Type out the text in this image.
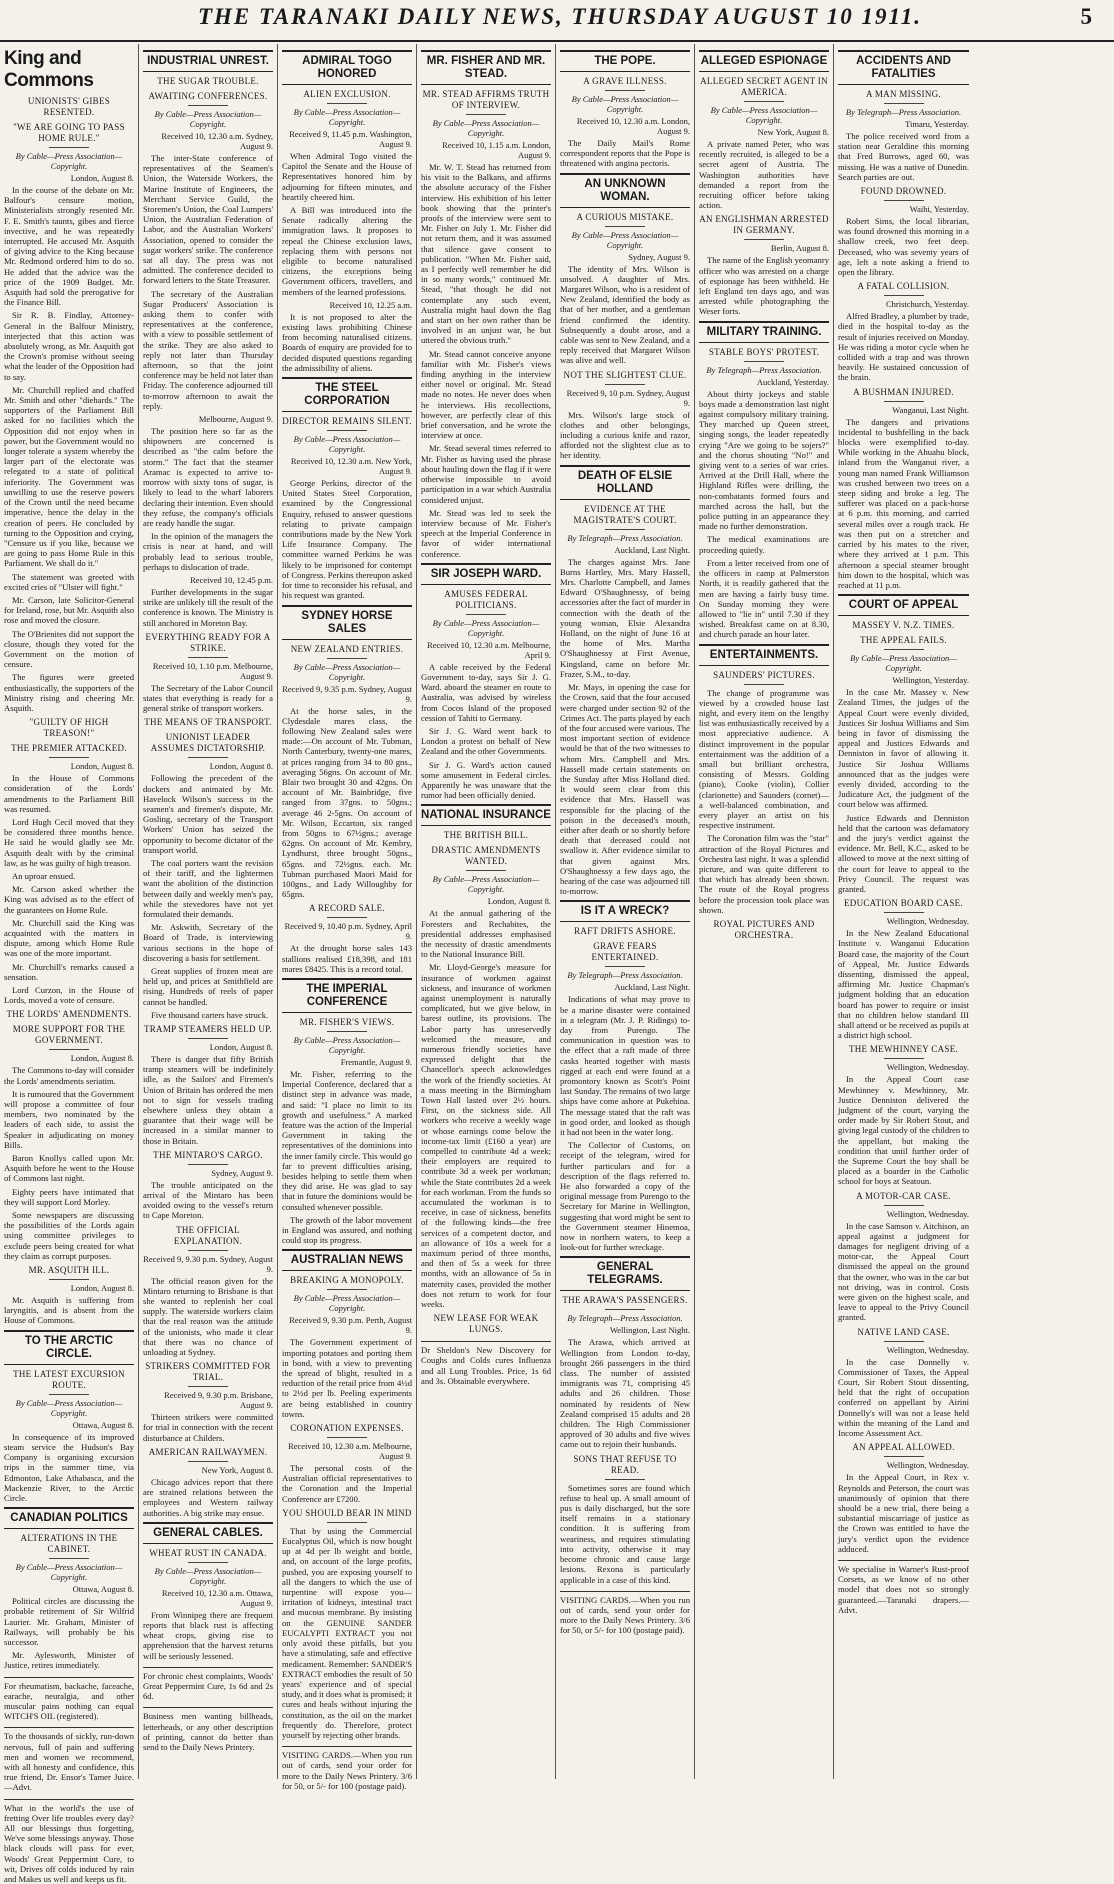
THE TARANAKI DAILY NEWS, THURSDAY AUGUST 10 1911.	5
King and Commons
UNIONISTS' GIBES RESENTED.
"WE ARE GOING TO PASS HOME RULE."
By Cable—Press Association—Copyright.
London, August 8.

In the course of the debate on Mr. Balfour's censure motion, Ministerialists strongly resented Mr. F. E. Smith's taunts, gibes and fierce invective, and he was repeatedly interrupted. He accused Mr. Asquith of giving advice to the King because Mr. Redmond ordered him to do so. He added that the advice was the price of the 1909 Budget. Mr. Asquith had sold the prerogative for the Finance Bill.

Sir R. B. Findlay, Attorney-General in the Balfour Ministry, interjected that this action was absolutely wrong, as Mr. Asquith got the Crown's promise without seeing what the leader of the Opposition had to say.

Mr. Churchill replied and chaffed Mr. Smith and other "diehards." The supporters of the Parliament Bill asked for no facilities which the Opposition did not enjoy when in power, but the Government would no longer tolerate a system whereby the larger part of the electorate was relegated to a state of political inferiority. The Government was unwilling to use the reserve powers of the Crown until the need became imperative, hence the delay in the creation of peers. He concluded by turning to the Opposition and crying, "Censure us if you like, because we are going to pass Home Rule in this Parliament. We shall do it."

The statement was greeted with excited cries of "Ulster will fight."

Mr. Carson, late Solicitor-General for Ireland, rose, but Mr. Asquith also rose and moved the closure.

The O'Brienites did not support the closure, though they voted for the Government on the motion of censure.

The figures were greeted enthusiastically, the supporters of the Ministry rising and cheering Mr. Asquith.

"GUILTY OF HIGH TREASON!"
THE PREMIER ATTACKED.
London, August 8.

In the House of Commons consideration of the Lords' amendments to the Parliament Bill was resumed.

Lord Hugh Cecil moved that they be considered three months hence. He said he would gladly see Mr. Asquith dealt with by the criminal law, as he was guilty of high treason.

An uproar ensued.

Mr. Carson asked whether the King was advised as to the effect of the guarantees on Home Rule.

Mr. Churchill said the King was acquainted with the matters in dispute, among which Home Rule was one of the more important.

Mr. Churchill's remarks caused a sensation.

Lord Curzon, in the House of Lords, moved a vote of censure.

THE LORDS' AMENDMENTS.
MORE SUPPORT FOR THE GOVERNMENT.
London, August 8.

The Commons to-day will consider the Lords' amendments seriatim.

It is rumoured that the Government will propose a committee of four members, two nominated by the leaders of each side, to assist the Speaker in adjudicating on money Bills.

Baron Knollys called upon Mr. Asquith before he went to the House of Commons last night.

Eighty peers have intimated that they will support Lord Morley.

Some newspapers are discussing the possibilities of the Lords again using committee privileges to exclude peers being created for what they claim as corrupt purposes.

MR. ASQUITH ILL.
London, August 8.

Mr. Asquith is suffering from laryngitis, and is absent from the House of Commons.

TO THE ARCTIC CIRCLE.
THE LATEST EXCURSION ROUTE.
By Cable—Press Association—Copyright.
Ottawa, August 8.

In consequence of its improved steam service the Hudson's Bay Company is organising excursion trips in the summer time, via Edmonton, Lake Athabasca, and the Mackenzie River, to the Arctic Circle.

CANADIAN POLITICS
ALTERATIONS IN THE CABINET.
By Cable—Press Association—Copyright.
Ottawa, August 8.

Political circles are discussing the probable retirement of Sir Wilfrid Laurier. Mr. Graham, Minister of Railways, will probably be his successor.

Mr. Aylesworth, Minister of Justice, retires immediately.

For rheumatism, backache, faceache, earache, neuralgia, and other muscular pains nothing can equal WITCH'S OIL (registered).

To the thousands of sickly, run-down nervous, full of pain and suffering men and women we recommend, with all honesty and confidence, this true friend, Dr. Ensor's Tamer Juice.—Advt.

What in the world's the use of fretting Over life troubles every day? All our blessings thus forgetting, We've some blessings anyway. Those black clouds will pass for ever, Woods' Great Peppermint Cure, to wit, Drives off colds induced by rain and Makes us well and keeps us fit.

INDUSTRIAL UNREST.
THE SUGAR TROUBLE.
AWAITING CONFERENCES.
By Cable—Press Association—Copyright.
Received 10, 12.30 a.m. Sydney, August 9.

The inter-State conference of representatives of the Seamen's Union, the Waterside Workers, the Marine Institute of Engineers, the Merchant Service Guild, the Storemen's Union, the Coal Lumpers' Union, the Australian Federation of Labor, and the Australian Workers' Association, opened to consider the sugar workers' strike. The conference sat all day. The press was not admitted. The conference decided to forward letters to the State Treasurer.

The secretary of the Australian Sugar Producers' Association is asking them to confer with representatives at the conference, with a view to possible settlement of the strike. They are also asked to reply not later than Thursday afternoon, so that the joint conference may be held not later than Friday. The conference adjourned till to-morrow afternoon to await the reply.

Melbourne, August 9.

The position here so far as the shipowners are concerned is described as "the calm before the storm." The fact that the steamer Aramac is expected to arrive to-morrow with sixty tons of sugar, is likely to lead to the wharf laborers declaring their intention. Even should they refuse, the company's officials are ready handle the sugar.

In the opinion of the managers the crisis is near at hand, and will probably lead to serious trouble, perhaps to dislocation of trade.

Received 10, 12.45 p.m.

Further developments in the sugar strike are unlikely till the result of the conference is known. The Ministry is still anchored in Moreton Bay.

EVERYTHING READY FOR A STRIKE.
Received 10, 1.10 p.m. Melbourne, August 9.

The Secretary of the Labor Council states that everything is ready for a general strike of transport workers.

THE MEANS OF TRANSPORT.
UNIONIST LEADER ASSUMES DICTATORSHIP.
London, August 8.

Following the precedent of the dockers and animated by Mr. Havelock Wilson's success in the seamen's and firemen's dispute, Mr. Gosling, secretary of the Transport Workers' Union has seized the opportunity to become dictator of the transport world.

The coal porters want the revision of their tariff, and the lightermen want the abolition of the distinction between daily and weekly men's pay, while the stevedores have not yet formulated their demands.

Mr. Askwith, Secretary of the Board of Trade, is interviewing various sections in the hope of discovering a basis for settlement.

Great supplies of frozen meat are held up, and prices at Smithfield are rising. Hundreds of reels of paper cannot be handled.

Five thousand carters have struck.

TRAMP STEAMERS HELD UP.
London, August 8.

There is danger that fifty British tramp steamers will be indefinitely idle, as the Sailors' and Firemen's Union of Britain has ordered the men not to sign for vessels trading elsewhere unless they obtain a guarantee that their wage will be increased in a similar manner to those in Britain.

THE MINTARO'S CARGO.
Sydney, August 9.

The trouble anticipated on the arrival of the Mintaro has been avoided owing to the vessel's return to Cape Moreton.

THE OFFICIAL EXPLANATION.
Received 9, 9.30 p.m. Sydney, August 9.

The official reason given for the Mintaro returning to Brisbane is that she wanted to replenish her coal supply. The waterside workers claim that the real reason was the attitude of the unionists, who made it clear that there was no chance of unloading at Sydney.

STRIKERS COMMITTED FOR TRIAL.
Received 9, 9.30 p.m. Brisbane, August 9.

Thirteen strikers were committed for trial in connection with the recent disturbance at Childers.

AMERICAN RAILWAYMEN.
New York, August 8.

Chicago advices report that there are strained relations between the employees and Western railway authorities. A big strike may ensue.

GENERAL CABLES.
WHEAT RUST IN CANADA.
By Cable—Press Association—Copyright.
Received 10, 12.30 a.m. Ottawa, August 9.

From Winnipeg there are frequent reports that black rust is affecting wheat crops, giving rise to apprehension that the harvest returns will be seriously lessened.

For chronic chest complaints, Woods' Great Peppermint Cure, 1s 6d and 2s 6d.

Business men wanting billheads, letterheads, or any other description of printing, cannot do better than send to the Daily News Printery.

ADMIRAL TOGO HONORED
ALIEN EXCLUSION.
By Cable—Press Association—Copyright.
Received 9, 11.45 p.m. Washington, August 9.

When Admiral Togo visited the Capitol the Senate and the House of Representatives honored him by adjourning for fifteen minutes, and heartily cheered him.

A Bill was introduced into the Senate radically altering the immigration laws. It proposes to repeal the Chinese exclusion laws, replacing them with persons not eligible to become naturalised citizens, the exceptions being Government officers, travellers, and members of the learned professions.

Received 10, 12.25 a.m.

It is not proposed to alter the existing laws prohibiting Chinese from becoming naturalised citizens. Boards of enquiry are provided for to decided disputed questions regarding the admissibility of aliens.

THE STEEL CORPORATION
DIRECTOR REMAINS SILENT.
By Cable—Press Association—Copyright.
Received 10, 12.30 a.m. New York, August 9.

George Perkins, director of the United States Steel Corporation, examined by the Congressional Enquiry, refused to answer questions relating to private campaign contributions made by the New York Life Insurance Company. The committee warned Perkins he was likely to be imprisoned for contempt of Congress. Perkins thereupon asked for time to reconsider his refusal, and his request was granted.

SYDNEY HORSE SALES
NEW ZEALAND ENTRIES.
By Cable—Press Association—Copyright.
Received 9, 9.35 p.m. Sydney, August 9.

At the horse sales, in the Clydesdale mares class, the following New Zealand sales were made:—On account of Mr. Tubman, North Canterbury, twenty-one mares, at prices ranging from 34 to 80 gns., averaging 56gns. On account of Mr. Blair two brought 30 and 42gns. On account of Mr. Bainbridge, five ranged from 37gns. to 50gns.; average 46 2-5gns. On account of Mr. Wilson, Eccarton, six ranged from 50gns to 67½gns.; average 62gns. On account of Mr. Kembry, Lyndhurst, three brought 50gns., 65gns. and 72½gns. each. Mr. Tubman purchased Maori Maid for 100gns., and Lady Willoughby for 65gns.

A RECORD SALE.
Received 9, 10.40 p.m. Sydney, April 9.

At the drought horse sales 143 stallions realised £18,398, and 181 mares £8425. This is a record total.

THE IMPERIAL CONFERENCE
MR. FISHER'S VIEWS.
By Cable—Press Association—Copyright.
Fremantle, August 9.

Mr. Fisher, referring to the Imperial Conference, declared that a distinct step in advance was made, and said: "I place no limit to its growth and usefulness." A marked feature was the action of the Imperial Government in taking the representatives of the dominions into the inner family circle. This would go far to prevent difficulties arising, besides helping to settle them when they did arise. He was glad to say that in future the dominions would be consulted whenever possible.

The growth of the labor movement in England was assured, and nothing could stop its progress.

AUSTRALIAN NEWS
BREAKING A MONOPOLY.
By Cable—Press Association—Copyright.
Received 9, 9.30 p.m. Perth, August 9.

The Government experiment of importing potatoes and porting them in bond, with a view to preventing the spread of blight, resulted in a reduction of the retail price from 4½d to 2½d per lb. Peeling experiments are being established in country towns.

CORONATION EXPENSES.
Received 10, 12.30 a.m. Melbourne, August 9.

The personal costs of the Australian official representatives to the Coronation and the Imperial Conference are £7200.

YOU SHOULD BEAR IN MIND

That by using the Commercial Eucalyptus Oil, which is now bought up at 4d per lb weight and bottle, and, on account of the large profits, pushed, you are exposing yourself to all the dangers to which the use of turpentine will expose you—irritation of kidneys, intestinal tract and mucous membrane. By insisting on the GENUINE SANDER EUCALYPTI EXTRACT you not only avoid these pitfalls, but you have a stimulating, safe and effective medicament. Remember: SANDER'S EXTRACT embodies the result of 50 years' experience and of special study, and it does what is promised; it cures and heals without injuring the constitution, as the oil on the market frequently do. Therefore, protect yourself by rejecting other brands.

VISITING CARDS.—When you run out of cards, send your order for more to the Daily News Printery. 3/6 for 50, or 5/- for 100 (postage paid).

MR. FISHER AND MR. STEAD.
MR. STEAD AFFIRMS TRUTH OF INTERVIEW.
By Cable—Press Association—Copyright.
Received 10, 1.15 a.m. London, August 9.

Mr. W. T. Stead has returned from his visit to the Balkans, and affirms the absolute accuracy of the Fisher interview. His exhibition of his letter book showing that the printer's proofs of the interview were sent to Mr. Fisher on July 1. Mr. Fisher did not return them, and it was assumed that silence gave consent to publication. "When Mr. Fisher said, as I perfectly well remember he did in so many words," continued Mr. Stead, "that though he did not contemplate any such event, Australia might haul down the flag and start on her own rather than be involved in an unjust war, he but uttered the obvious truth."

Mr. Stead cannot conceive anyone familiar with Mr. Fisher's views finding anything in the interview either novel or original. Mr. Stead made no notes. He never does when he interviews. His recollections, however, are perfectly clear of this brief conversation, and he wrote the interview at once.

Mr. Stead several times referred to Mr. Fisher as having used the phrase about hauling down the flag if it were otherwise impossible to avoid participation in a war which Australia considered unjust.

Mr. Stead was led to seek the interview because of Mr. Fisher's speech at the Imperial Conference in favor of wider international conference.

SIR JOSEPH WARD.
AMUSES FEDERAL POLITICIANS.
By Cable—Press Association—Copyright.
Received 10, 12.30 a.m. Melbourne, April 9.

A cable received by the Federal Government to-day, says Sir J. G. Ward. aboard the steamer en route to Australia, was advised by wireless from Cocos Island of the proposed cession of Tahiti to Germany.

Sir J. G. Ward went back to London a protest on behalf of New Zealand and the other Governments.

Sir J. G. Ward's action caused some amusement in Federal circles. Apparently he was unaware that the rumor had been officially denied.

NATIONAL INSURANCE
THE BRITISH BILL.
DRASTIC AMENDMENTS WANTED.
By Cable—Press Association—Copyright.
London, August 8.

At the annual gathering of the Foresters and Rechabites, the presidential addresses emphasised the necessity of drastic amendments to the National Insurance Bill.

Mr. Lloyd-George's measure for insurance of workmen against sickness, and insurance of workmen against unemployment is naturally complicated, but we give below, in barest outline, its provisions. The Labor party has unreservedly welcomed the measure, and numerous friendly societies have expressed delight that the Chancellor's speech acknowledges the work of the friendly societies. At a mass meeting in the Birmingham Town Hall lasted over 2½ hours. First, on the sickness side. All workers who receive a weekly wage or whose earnings come below the income-tax limit (£160 a year) are compelled to contribute 4d a week; their employers are required to contribute 3d a week per workman; while the State contributes 2d a week for each workman. From the funds so accumulated the workman is to receive, in case of sickness, benefits of the following kinds—the free services of a competent doctor, and an allowance of 10s a week for a maximum period of three months, and then of 5s a week for three months, with an allowance of 5s in maternity cases, provided the mother does not return to work for four weeks.

NEW LEASE FOR WEAK LUNGS.

Dr Sheldon's New Discovery for Coughs and Colds cures Influenza and all Lung Troubles. Price, 1s 6d and 3s. Obtainable everywhere.

THE POPE.
A GRAVE ILLNESS.
By Cable—Press Association—Copyright.
Received 10, 12.30 a.m. London, August 9.

The Daily Mail's Rome correspondent reports that the Pope is threatened with angina pectoris.

AN UNKNOWN WOMAN.
A CURIOUS MISTAKE.
By Cable—Press Association—Copyright.
Sydney, August 9.

The identity of Mrs. Wilson is unsolved. A daughter of Mrs. Margaret Wilson, who is a resident of New Zealand, identified the body as that of her mother, and a gentleman friend confirmed the identity. Subsequently a doubt arose, and a cable was sent to New Zealand, and a reply received that Margaret Wilson was alive and well.

NOT THE SLIGHTEST CLUE.
Received 9, 10 p.m. Sydney, August 9.

Mrs. Wilson's large stock of clothes and other belongings, including a curious knife and razor, afforded not the slightest clue as to her identity.

DEATH OF ELSIE HOLLAND
EVIDENCE AT THE MAGISTRATE'S COURT.
By Telegraph—Press Association.
Auckland, Last Night.

The charges against Mrs. Jane Burns Hartley, Mrs. Mary Hassell, Mrs. Charlotte Campbell, and James Edward O'Shaughnessy, of being accessories after the fact of murder in connection with the death of the young woman, Elsie Alexandra Holland, on the night of June 16 at the home of Mrs. Martha O'Shaughnessy at First Avenue, Kingsland, came on before Mr. Frazer, S.M., to-day.

Mr. Mays, in opening the case for the Crown, said that the four accused were charged under section 92 of the Crimes Act. The parts played by each of the four accused were various. The most important section of evidence would be that of the two witnesses to whom Mrs. Campbell and Mrs. Hassell made certain statements on the Sunday after Miss Holland died. It would seem clear from this evidence that Mrs. Hassell was responsible for the placing of the poison in the deceased's mouth, either after death or so shortly before death that deceased could not swallow it. After evidence similar to that given against Mrs. O'Shaughnessy a few days ago, the hearing of the case was adjourned till to-morrow.

IS IT A WRECK?
RAFT DRIFTS ASHORE.
GRAVE FEARS ENTERTAINED.
By Telegraph—Press Association.
Auckland, Last Night.

Indications of what may prove to be a marine disaster were contained in a telegram (Mr. J. P. Ridings) to-day from Purengo. The communication in question was to the effect that a raft made of three casks hearted together with masts rigged at each end were found at a promontory known as Scott's Point last Sunday. The remains of two large ships have come ashore at Pukehina. The message stated that the raft was in good order, and looked as though it had not been in the water long.

The Collector of Customs, on receipt of the telegram, wired for further particulars and for a description of the flags referred to. He also forwarded a copy of the original message from Purengo to the Secretary for Marine in Wellington, suggesting that word might be sent to the Government steamer Hinemoa, now in northern waters, to keep a look-out for further wreckage.

GENERAL TELEGRAMS.
THE ARAWA'S PASSENGERS.
By Telegraph—Press Association.
Wellington, Last Night.

The Arawa, which arrived at Wellington from London to-day, brought 266 passengers in the third class. The number of assisted immigrants was 71, comprising 45 adults and 26 children. Those nominated by residents of New Zealand comprised 15 adults and 28 children. The High Commissioner approved of 30 adults and five wives came out to rejoin their husbands.

SONS THAT REFUSE TO READ.

Sometimes sores are found which refuse to heal up. A small amount of pus is daily discharged, but the sore itself remains in a stationary condition. It is suffering from weariness, and requires stimulating into activity, otherwise it may become chronic and cause large lesions. Rexona is particularly applicable in a case of this kind.

VISITING CARDS.—When you run out of cards, send your order for more to the Daily News Printery. 3/6 for 50, or 5/- for 100 (postage paid).

ALLEGED ESPIONAGE
ALLEGED SECRET AGENT IN AMERICA.
By Cable—Press Association—Copyright.
New York, August 8.

A private named Peter, who was recently recruited, is alleged to be a secret agent of Austria. The Washington authorities have demanded a report from the recruiting officer before taking action.

AN ENGLISHMAN ARRESTED IN GERMANY.
Berlin, August 8.

The name of the English yeomanry officer who was arrested on a charge of espionage has been withheld. He left England ten days ago, and was arrested while photographing the Weser forts.

MILITARY TRAINING.
STABLE BOYS' PROTEST.
By Telegraph—Press Association.
Auckland, Yesterday.

About thirty jockeys and stable boys made a demonstration last night against compulsory military training. They marched up Queen street, singing songs, the leader repeatedly crying "Are we going to be sojers?" and the chorus shouting "No!" and giving vent to a series of war cries. Arrived at the Drill Hall, where the Highland Rifles were drilling, the non-combatants formed fours and marched across the hall, but the police putting in an appearance they made no further demonstration.

The medical examinations are proceeding quietly.

From a letter received from one of the officers in camp at Palmerston North, it is readily gathered that the men are having a fairly busy time. On Sunday morning they were allowed to "lie in" until 7.30 if they wished. Breakfast came on at 8.30, and church parade an hour later.

ENTERTAINMENTS.
SAUNDERS' PICTURES.

The change of programme was viewed by a crowded house last night, and every item on the lengthy list was enthusiastically received by a most appreciative audience. A distinct improvement in the popular entertainment was the addition of a small but brilliant orchestra, consisting of Messrs. Golding (piano), Cooke (violin), Collier (clarionette) and Saunders (cornet)—a well-balanced combination, and every player an artist on his respective instrument.

The Coronation film was the "star" attraction of the Royal Pictures and Orchestra last night. It was a splendid picture, and was quite different to that which has already been shown. The route of the Royal progress before the procession took place was shown.

ROYAL PICTURES AND ORCHESTRA.
ACCIDENTS AND FATALITIES
A MAN MISSING.
By Telegraph—Press Association.
Timaru, Yesterday.

The police received word from a station near Geraldine this morning that Fred Burrows, aged 60, was missing. He was a native of Dunedin. Search parties are out.

FOUND DROWNED.
Waihi, Yesterday.

Robert Sims, the local librarian, was found drowned this morning in a shallow creek, two feet deep. Deceased, who was seventy years of age, left a note asking a friend to open the library.

A FATAL COLLISION.
Christchurch, Yesterday.

Alfred Bradley, a plumber by trade, died in the hospital to-day as the result of injuries received on Monday. He was riding a motor cycle when he collided with a trap and was thrown heavily. He sustained concussion of the brain.

A BUSHMAN INJURED.
Wanganui, Last Night.

The dangers and privations incidental to bushfelling in the back blocks were exemplified to-day. While working in the Ahuahu block, inland from the Wanganui river, a young man named Frank Williamson was crushed between two trees on a steep siding and broke a leg. The sufferer was placed on a pack-horse at 6 p.m. this morning, and carried several miles over a rough track. He was then put on a stretcher and carried by his mates to the river, where they arrived at 1 p.m. This afternoon a special steamer brought him down to the hospital, which was reached at 11 p.m.

COURT OF APPEAL
MASSEY V. N.Z. TIMES.
THE APPEAL FAILS.
By Cable—Press Association—Copyright.
Wellington, Yesterday.

In the case Mr. Massey v. New Zealand Times, the judges of the Appeal Court were evenly divided, Justices Sir Joshua Williams and Sim being in favor of dismissing the appeal and Justices Edwards and Denniston in favor of allowing it. Justice Sir Joshua Williams announced that as the judges were evenly divided, according to the Judicature Act, the judgment of the court below was affirmed.

Justice Edwards and Denniston held that the cartoon was defamatory and the jury's verdict against the evidence. Mr. Bell, K.C., asked to be allowed to move at the next sitting of the court for leave to appeal to the Privy Council. The request was granted.

EDUCATION BOARD CASE.
Wellington, Wednesday.

In the New Zealand Educational Institute v. Wanganui Education Board case, the majority of the Court of Appeal, Mr. Justice Edwards dissenting, dismissed the appeal, affirming Mr. Justice Chapman's judgment holding that an education board has power to require or insist that no children below standard III shall attend or be received as pupils at a district high school.

THE MEWHINNEY CASE.
Wellington, Wednesday.

In the Appeal Court case Mewhinney v. Mewhinney, Mr. Justice Denniston delivered the judgment of the court, varying the order made by Sir Robert Stout, and giving legal custody of the children to the appellant, but making the condition that until further order of the Supreme Court the boy shall be placed as a boarder in the Catholic school for boys at Seatoun.

A MOTOR-CAR CASE.
Wellington, Wednesday.

In the case Samson v. Aitchison, an appeal against a judgment for damages for negligent driving of a motor-car, the Appeal Court dismissed the appeal on the ground that the owner, who was in the car but not driving, was in control. Costs were given on the highest scale, and leave to appeal to the Privy Council granted.

NATIVE LAND CASE.
Wellington, Wednesday.

In the case Donnelly v. Commissioner of Taxes, the Appeal Court, Sir Robert Stout dissenting, held that the right of occupation conferred on appellant by Airini Donnelly's will was not a lease held within the meaning of the Land and Income Assessment Act.

AN APPEAL ALLOWED.
Wellington, Wednesday.

In the Appeal Court, in Rex v. Reynolds and Peterson, the court was unanimously of opinion that there should be a new trial, there being a substantial miscarriage of justice as the Crown was entitled to have the jury's verdict upon the evidence adduced.

We specialise in Warner's Rust-proof Corsets, as we know of no other model that does not so strongly guaranteed.—Taranaki drapers.—Advt.
